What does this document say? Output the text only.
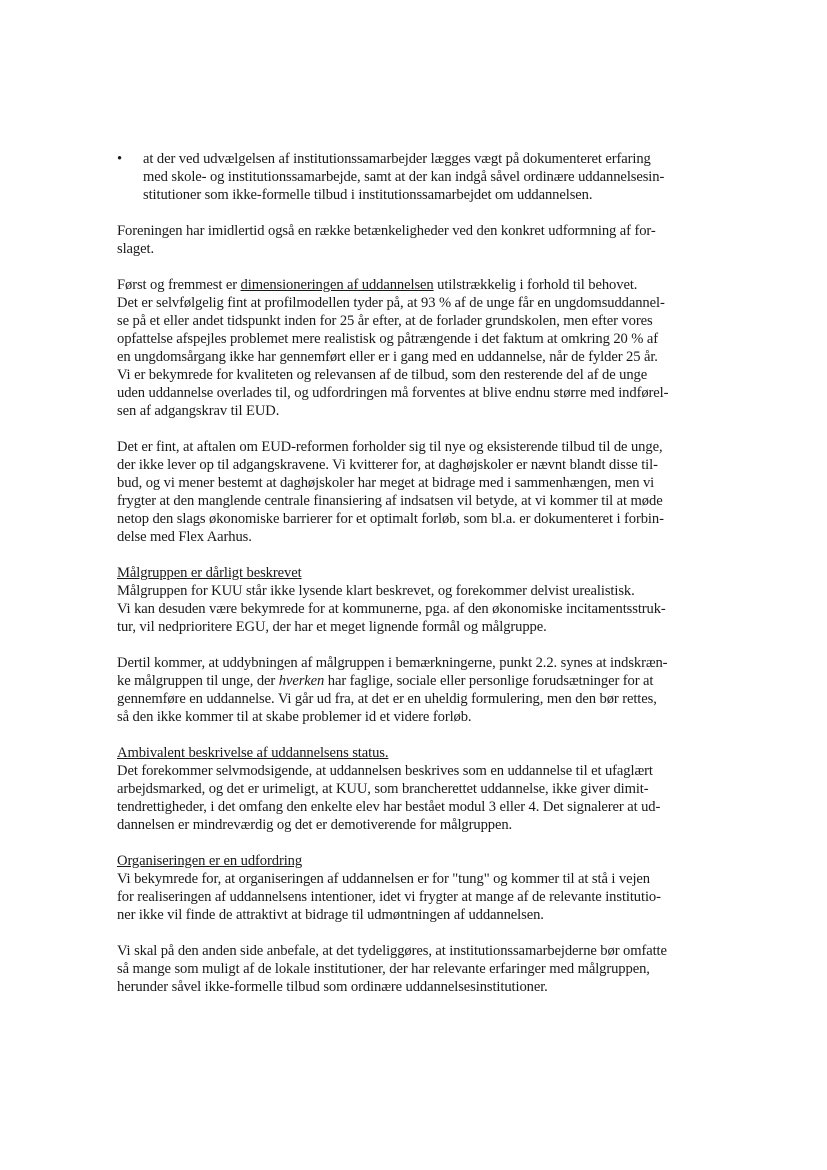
•	at der ved udvælgelsen af institutionssamarbejder lægges vægt på dokumenteret erfaring
med skole- og institutionssamarbejde, samt at der kan indgå såvel ordinære uddannelsesin-
stitutioner som ikke-formelle tilbud i institutionssamarbejdet om uddannelsen.
Foreningen har imidlertid også en række betænkeligheder ved den konkret udformning af for-
slaget.
Først og fremmest er dimensioneringen af uddannelsen utilstrækkelig i forhold til behovet.
Det er selvfølgelig fint at profilmodellen tyder på, at 93 % af de unge får en ungdomsuddannel-
se på et eller andet tidspunkt inden for 25 år efter, at de forlader grundskolen, men efter vores
opfattelse afspejles problemet mere realistisk og påtrængende i det faktum at omkring 20 % af
en ungdomsårgang ikke har gennemført eller er i gang med en uddannelse, når de fylder 25 år.
Vi er bekymrede for kvaliteten og relevansen af de tilbud, som den resterende del af de unge
uden uddannelse overlades til, og udfordringen må forventes at blive endnu større med indførel-
sen af adgangskrav til EUD.
Det er fint, at aftalen om EUD-reformen forholder sig til nye og eksisterende tilbud til de unge,
der ikke lever op til adgangskravene. Vi kvitterer for, at daghøjskoler er nævnt blandt disse til-
bud, og vi mener bestemt at daghøjskoler har meget at bidrage med i sammenhængen, men vi
frygter at den manglende centrale finansiering af indsatsen vil betyde, at vi kommer til at møde
netop den slags økonomiske barrierer for et optimalt forløb, som bl.a. er dokumenteret i forbin-
delse med Flex Aarhus.
Målgruppen er dårligt beskrevet
Målgruppen for KUU står ikke lysende klart beskrevet, og forekommer delvist urealistisk.
Vi kan desuden være bekymrede for at kommunerne, pga. af den økonomiske incitamentsstruk-
tur, vil nedprioritere EGU, der har et meget lignende formål og målgruppe.
Dertil kommer, at uddybningen af målgruppen i bemærkningerne, punkt 2.2. synes at indskræn-
ke målgruppen til unge, der hverken har faglige, sociale eller personlige forudsætninger for at
gennemføre en uddannelse. Vi går ud fra, at det er en uheldig formulering, men den bør rettes,
så den ikke kommer til at skabe problemer id et videre forløb.
Ambivalent beskrivelse af uddannelsens status.
Det forekommer selvmodsigende, at uddannelsen beskrives som en uddannelse til et ufaglært
arbejdsmarked, og det er urimeligt, at KUU, som brancherettet uddannelse, ikke giver dimit-
tendrettigheder, i det omfang den enkelte elev har bestået modul 3 eller 4. Det signalerer at ud-
dannelsen er mindreværdig og det er demotiverende for målgruppen.
Organiseringen er en udfordring
Vi bekymrede for, at organiseringen af uddannelsen er for "tung" og kommer til at stå i vejen
for realiseringen af uddannelsens intentioner, idet vi frygter at mange af de relevante institutio-
ner ikke vil finde de attraktivt at bidrage til udmøntningen af uddannelsen.
Vi skal på den anden side anbefale, at det tydeliggøres, at institutionssamarbejderne bør omfatte
så mange som muligt af de lokale institutioner, der har relevante erfaringer med målgruppen,
herunder såvel ikke-formelle tilbud som ordinære uddannelsesinstitutioner.
